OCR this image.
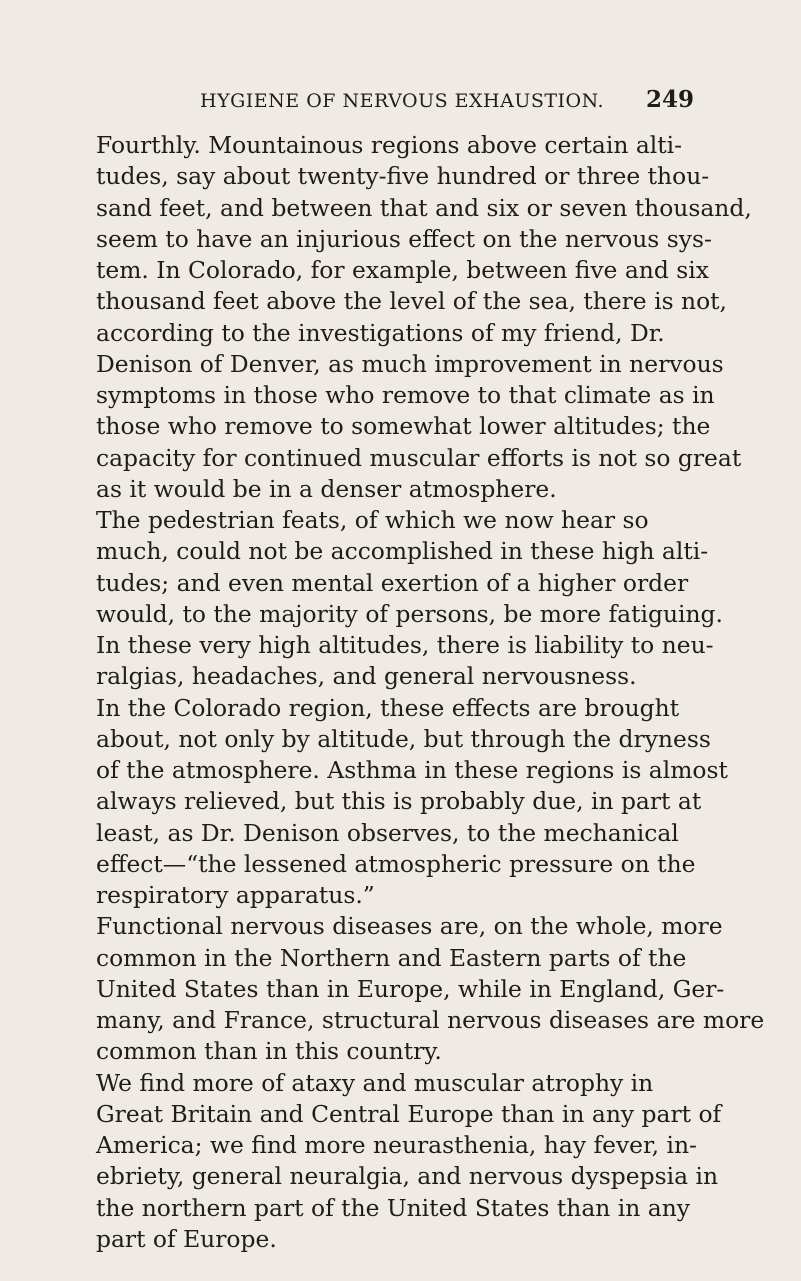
HYGIENE OF NERVOUS EXHAUSTION. 249

Fourthly. Mountainous regions above certain alti-
tudes, say about twenty-five hundred or three thou-
sand feet, and between that and six or seven thousand,
seem to have an injurious effect on the nervous sys-
tem. In Colorado, for example, between five and six
thousand feet above the level of the sea, there is not,
according to the investigations of my friend, Dr.
Denison of Denver, as much improvement in nervous
symptoms in those who remove to that climate as in
those who remove to somewhat lower altitudes; the
capacity for continued muscular efforts is not so great
as it would be in a denser atmosphere.

The pedestrian feats, of which we now hear so
much, could not be accomplished in these high alti-
tudes; and even mental exertion of a higher order
would, to the majority of persons, be more fatiguing.
In these very high altitudes, there is liability to neu-
ralgias, headaches, and general nervousness.

In the Colorado region, these effects are brought
about, not only by altitude, but through the dryness
of the atmosphere. Asthma in these regions is almost
always relieved, but this is probably due, in part at
least, as Dr. Denison observes, to the mechanical
effect—“the lessened atmospheric pressure on the
respiratory apparatus.”

Functional nervous diseases are, on the whole, more
common in the Northern and Eastern parts of the
United States than in Europe, while in England, Ger-
many, and France, structural nervous diseases are more
common than in this country.

We find more of ataxy and muscular atrophy in
Great Britain and Central Europe than in any part of
America; we find more neurasthenia, hay fever, in-
ebriety, general neuralgia, and nervous dyspepsia in
the northern part of the United States than in any
part of Europe.
